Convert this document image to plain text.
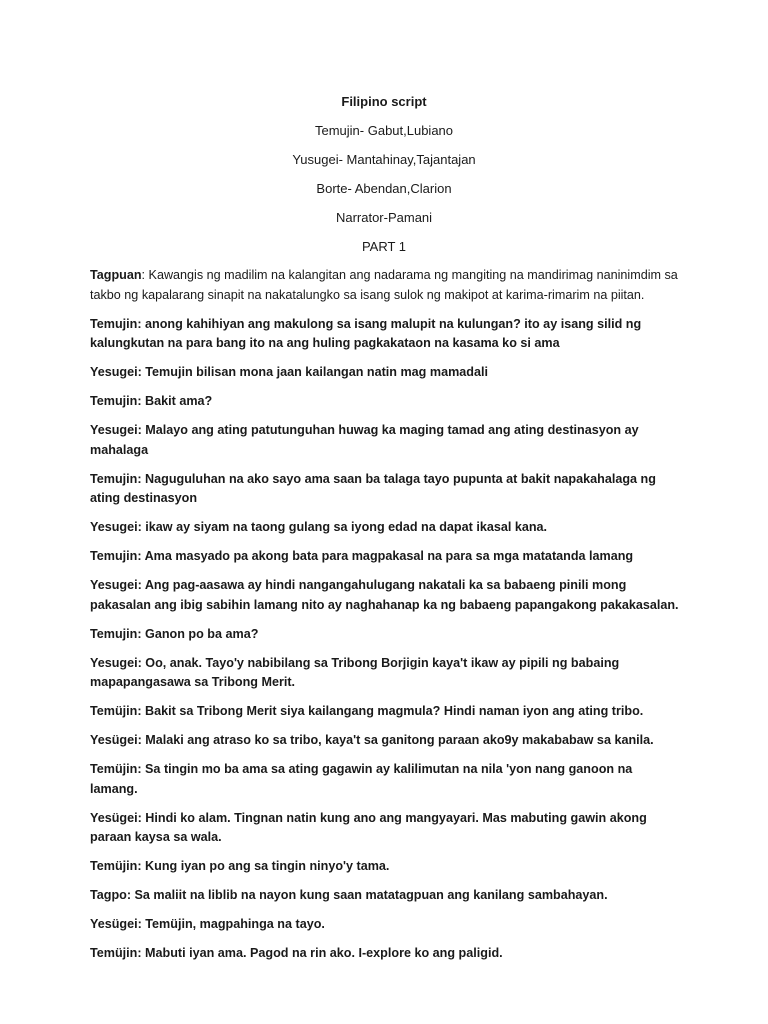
Filipino script
Temujin- Gabut,Lubiano
Yusugei- Mantahinay,Tajantajan
Borte- Abendan,Clarion
Narrator-Pamani
PART 1

Tagpuan: Kawangis ng madilim na kalangitan ang nadarama ng mangiting na mandirimag naninimdim sa takbo ng kapalarang sinapit na nakatalungko sa isang sulok ng makipot at karima-rimarim na piitan.

Temujin: anong kahihiyan ang makulong sa isang malupit na kulungan? ito ay isang silid ng kalungkutan na para bang ito na ang huling pagkakataon na kasama ko si ama

Yesugei: Temujin bilisan mona jaan kailangan natin mag mamadali

Temujin: Bakit ama?

Yesugei: Malayo ang ating patutunguhan huwag ka maging tamad ang ating destinasyon ay mahalaga

Temujin: Naguguluhan na ako sayo ama saan ba talaga tayo pupunta at bakit napakahalaga ng ating destinasyon

Yesugei: ikaw ay siyam na taong gulang sa iyong edad na dapat ikasal kana.

Temujin: Ama masyado pa akong bata para magpakasal na para sa mga matatanda lamang

Yesugei: Ang pag-aasawa ay hindi nangangahulugang nakatali ka sa babaeng pinili mong pakasalan ang ibig sabihin lamang nito ay naghahanap ka ng babaeng papangakong pakakasalan.

Temujin: Ganon po ba ama?

Yesugei: Oo, anak. Tayo'y nabibilang sa Tribong Borjigin kaya't ikaw ay pipili ng babaing mapapangasawa sa Tribong Merit.

Temüjin: Bakit sa Tribong Merit siya kailangang magmula? Hindi naman iyon ang ating tribo.

Yesügei: Malaki ang atraso ko sa tribo, kaya't sa ganitong paraan ako9y makababaw sa kanila.

Temüjin: Sa tingin mo ba ama sa ating gagawin ay kalilimutan na nila 'yon nang ganoon na lamang.

Yesügei: Hindi ko alam. Tingnan natin kung ano ang mangyayari. Mas mabuting gawin akong paraan kaysa sa wala.

Temüjin: Kung iyan po ang sa tingin ninyo'y tama.

Tagpo: Sa maliit na liblib na nayon kung saan matatagpuan ang kanilang sambahayan.

Yesügei: Temüjin, magpahinga na tayo.

Temüjin: Mabuti iyan ama. Pagod na rin ako. I-explore ko ang paligid.
